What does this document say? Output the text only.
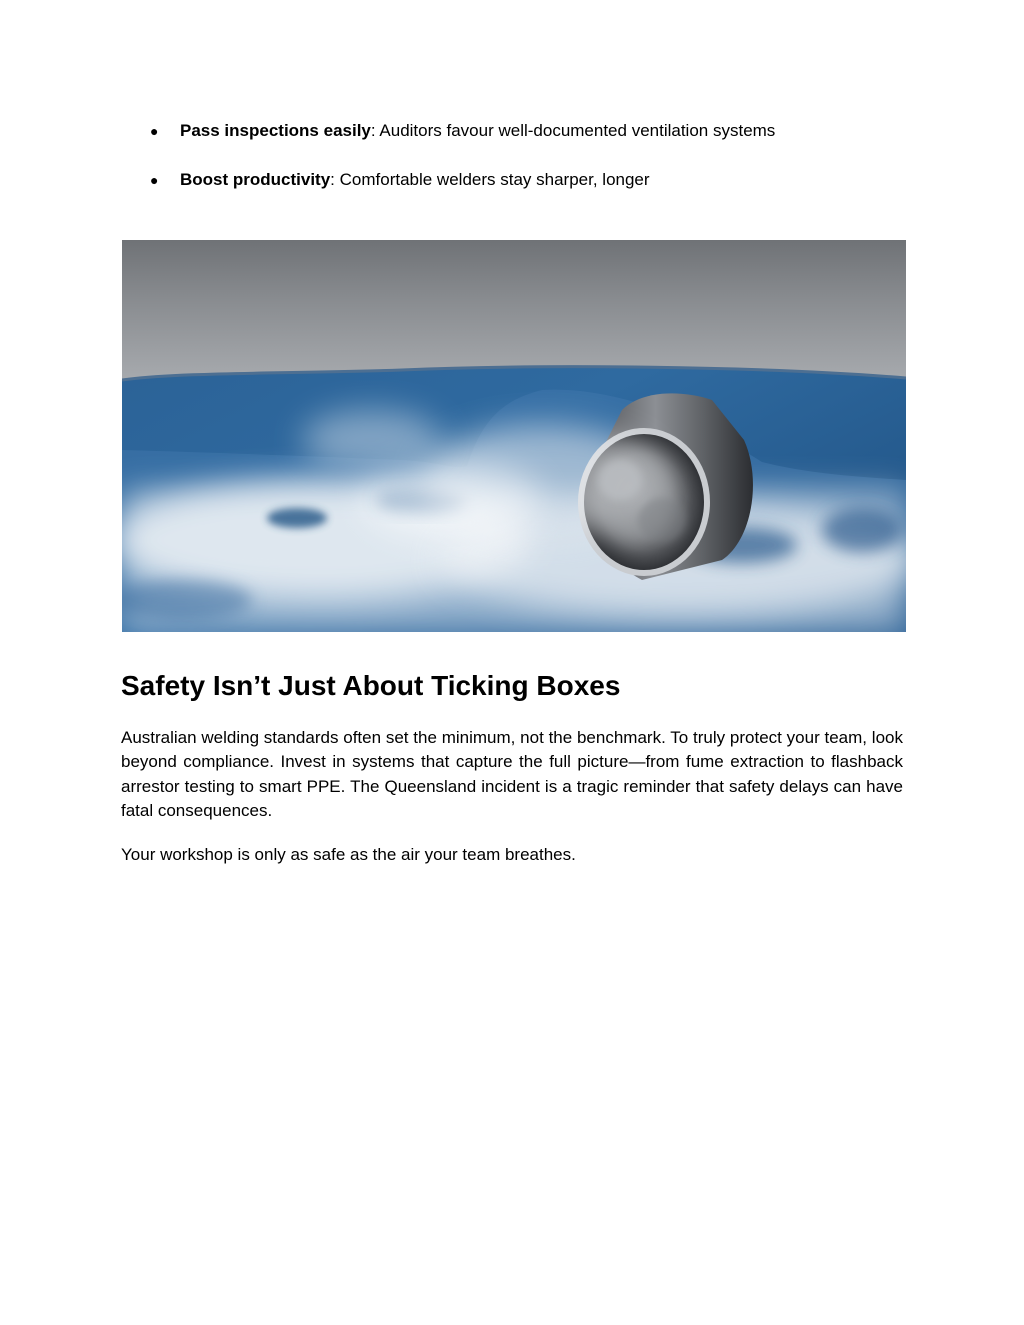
● Pass inspections easily: Auditors favour well-documented ventilation systems
● Boost productivity: Comfortable welders stay sharper, longer
Safety Isn’t Just About Ticking Boxes

Australian welding standards often set the minimum, not the benchmark. To truly protect your team, look beyond compliance. Invest in systems that capture the full picture—from fume extraction to flashback arrestor testing to smart PPE. The Queensland incident is a tragic reminder that safety delays can have fatal consequences.

Your workshop is only as safe as the air your team breathes.
